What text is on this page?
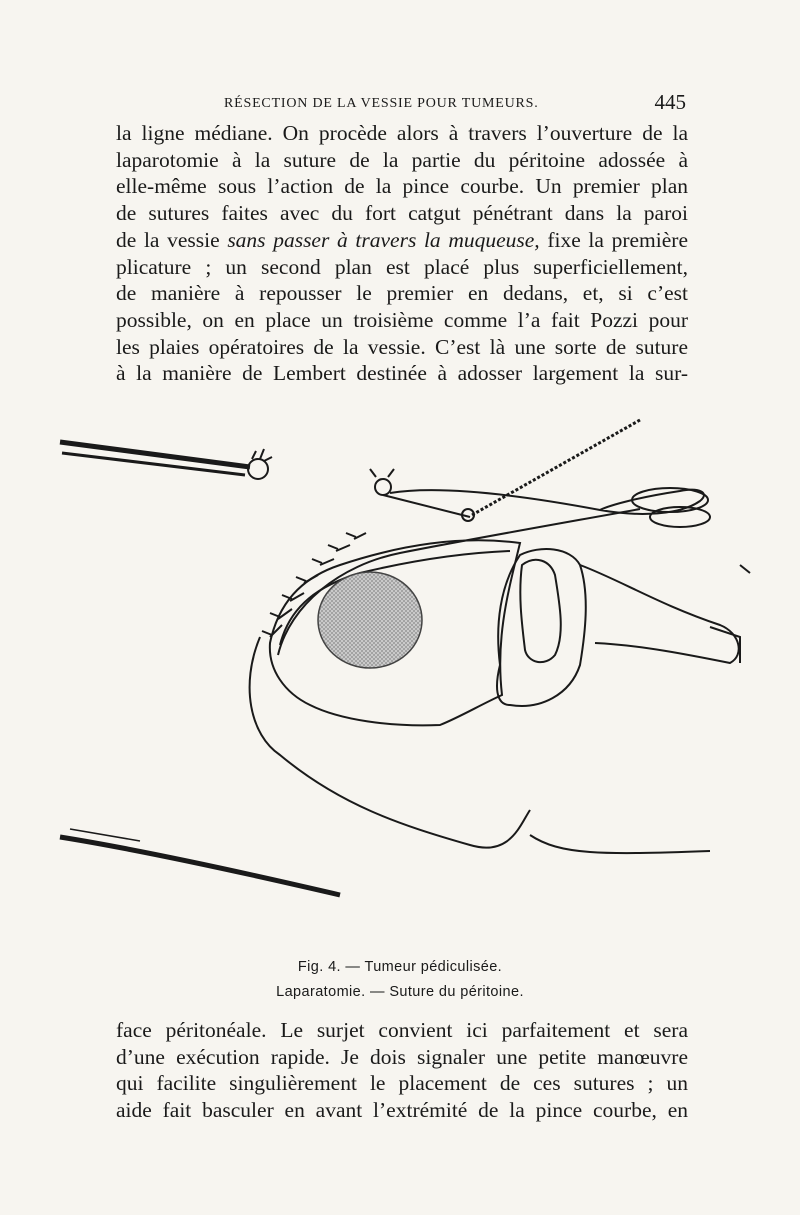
RÉSECTION DE LA VESSIE POUR TUMEURS.	445
la ligne médiane. On procède alors à travers l’ouverture de la
laparotomie à la suture de la partie du péritoine adossée à
elle-même sous l’action de la pince courbe. Un premier plan
de sutures faites avec du fort catgut pénétrant dans la paroi
de la vessie sans passer à travers la muqueuse, fixe la première
plicature ; un second plan est placé plus superficiellement,
de manière à repousser le premier en dedans, et, si c’est
possible, on en place un troisième comme l’a fait Pozzi pour
les plaies opératoires de la vessie. C’est là une sorte de suture
à la manière de Lembert destinée à adosser largement la sur-
Fig. 4. — Tumeur pédiculisée.
Laparatomie. — Suture du péritoine.
face péritonéale. Le surjet convient ici parfaitement et sera
d’une exécution rapide. Je dois signaler une petite manœuvre
qui facilite singulièrement le placement de ces sutures ; un
aide fait basculer en avant l’extrémité de la pince courbe, en
